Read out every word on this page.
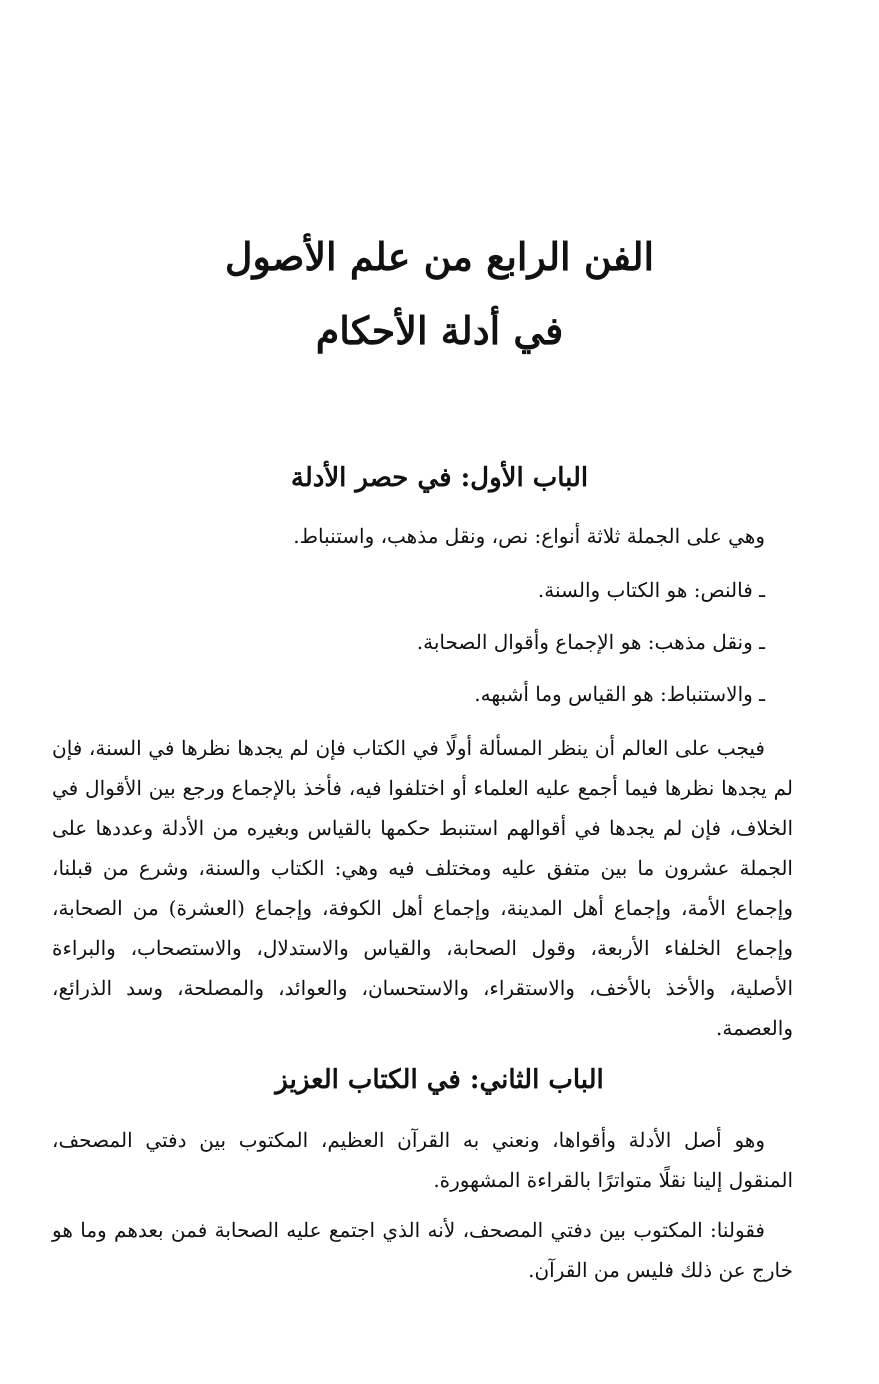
الفن الرابع من علم الأصول
في أدلة الأحكام
الباب الأول: في حصر الأدلة

وهي على الجملة ثلاثة أنواع: نص، ونقل مذهب، واستنباط.

ـ فالنص: هو الكتاب والسنة.

ـ ونقل مذهب: هو الإجماع وأقوال الصحابة.

ـ والاستنباط: هو القياس وما أشبهه.

فيجب على العالم أن ينظر المسألة أولًا في الكتاب فإن لم يجدها نظرها في السنة، فإن لم يجدها نظرها فيما أجمع عليه العلماء أو اختلفوا فيه، فأخذ بالإجماع ورجع بين الأقوال في الخلاف، فإن لم يجدها في أقوالهم استنبط حكمها بالقياس وبغيره من الأدلة وعددها على الجملة عشرون ما بين متفق عليه ومختلف فيه وهي: الكتاب والسنة، وشرع من قبلنا، وإجماع الأمة، وإجماع أهل المدينة، وإجماع أهل الكوفة، وإجماع (العشرة) من الصحابة، وإجماع الخلفاء الأربعة، وقول الصحابة، والقياس والاستدلال، والاستصحاب، والبراءة الأصلية، والأخذ بالأخف، والاستقراء، والاستحسان، والعوائد، والمصلحة، وسد الذرائع، والعصمة.

الباب الثاني: في الكتاب العزيز

وهو أصل الأدلة وأقواها، ونعني به القرآن العظيم، المكتوب بين دفتي المصحف، المنقول إلينا نقلًا متواترًا بالقراءة المشهورة.

فقولنا: المكتوب بين دفتي المصحف، لأنه الذي اجتمع عليه الصحابة فمن بعدهم وما هو خارج عن ذلك فليس من القرآن.
